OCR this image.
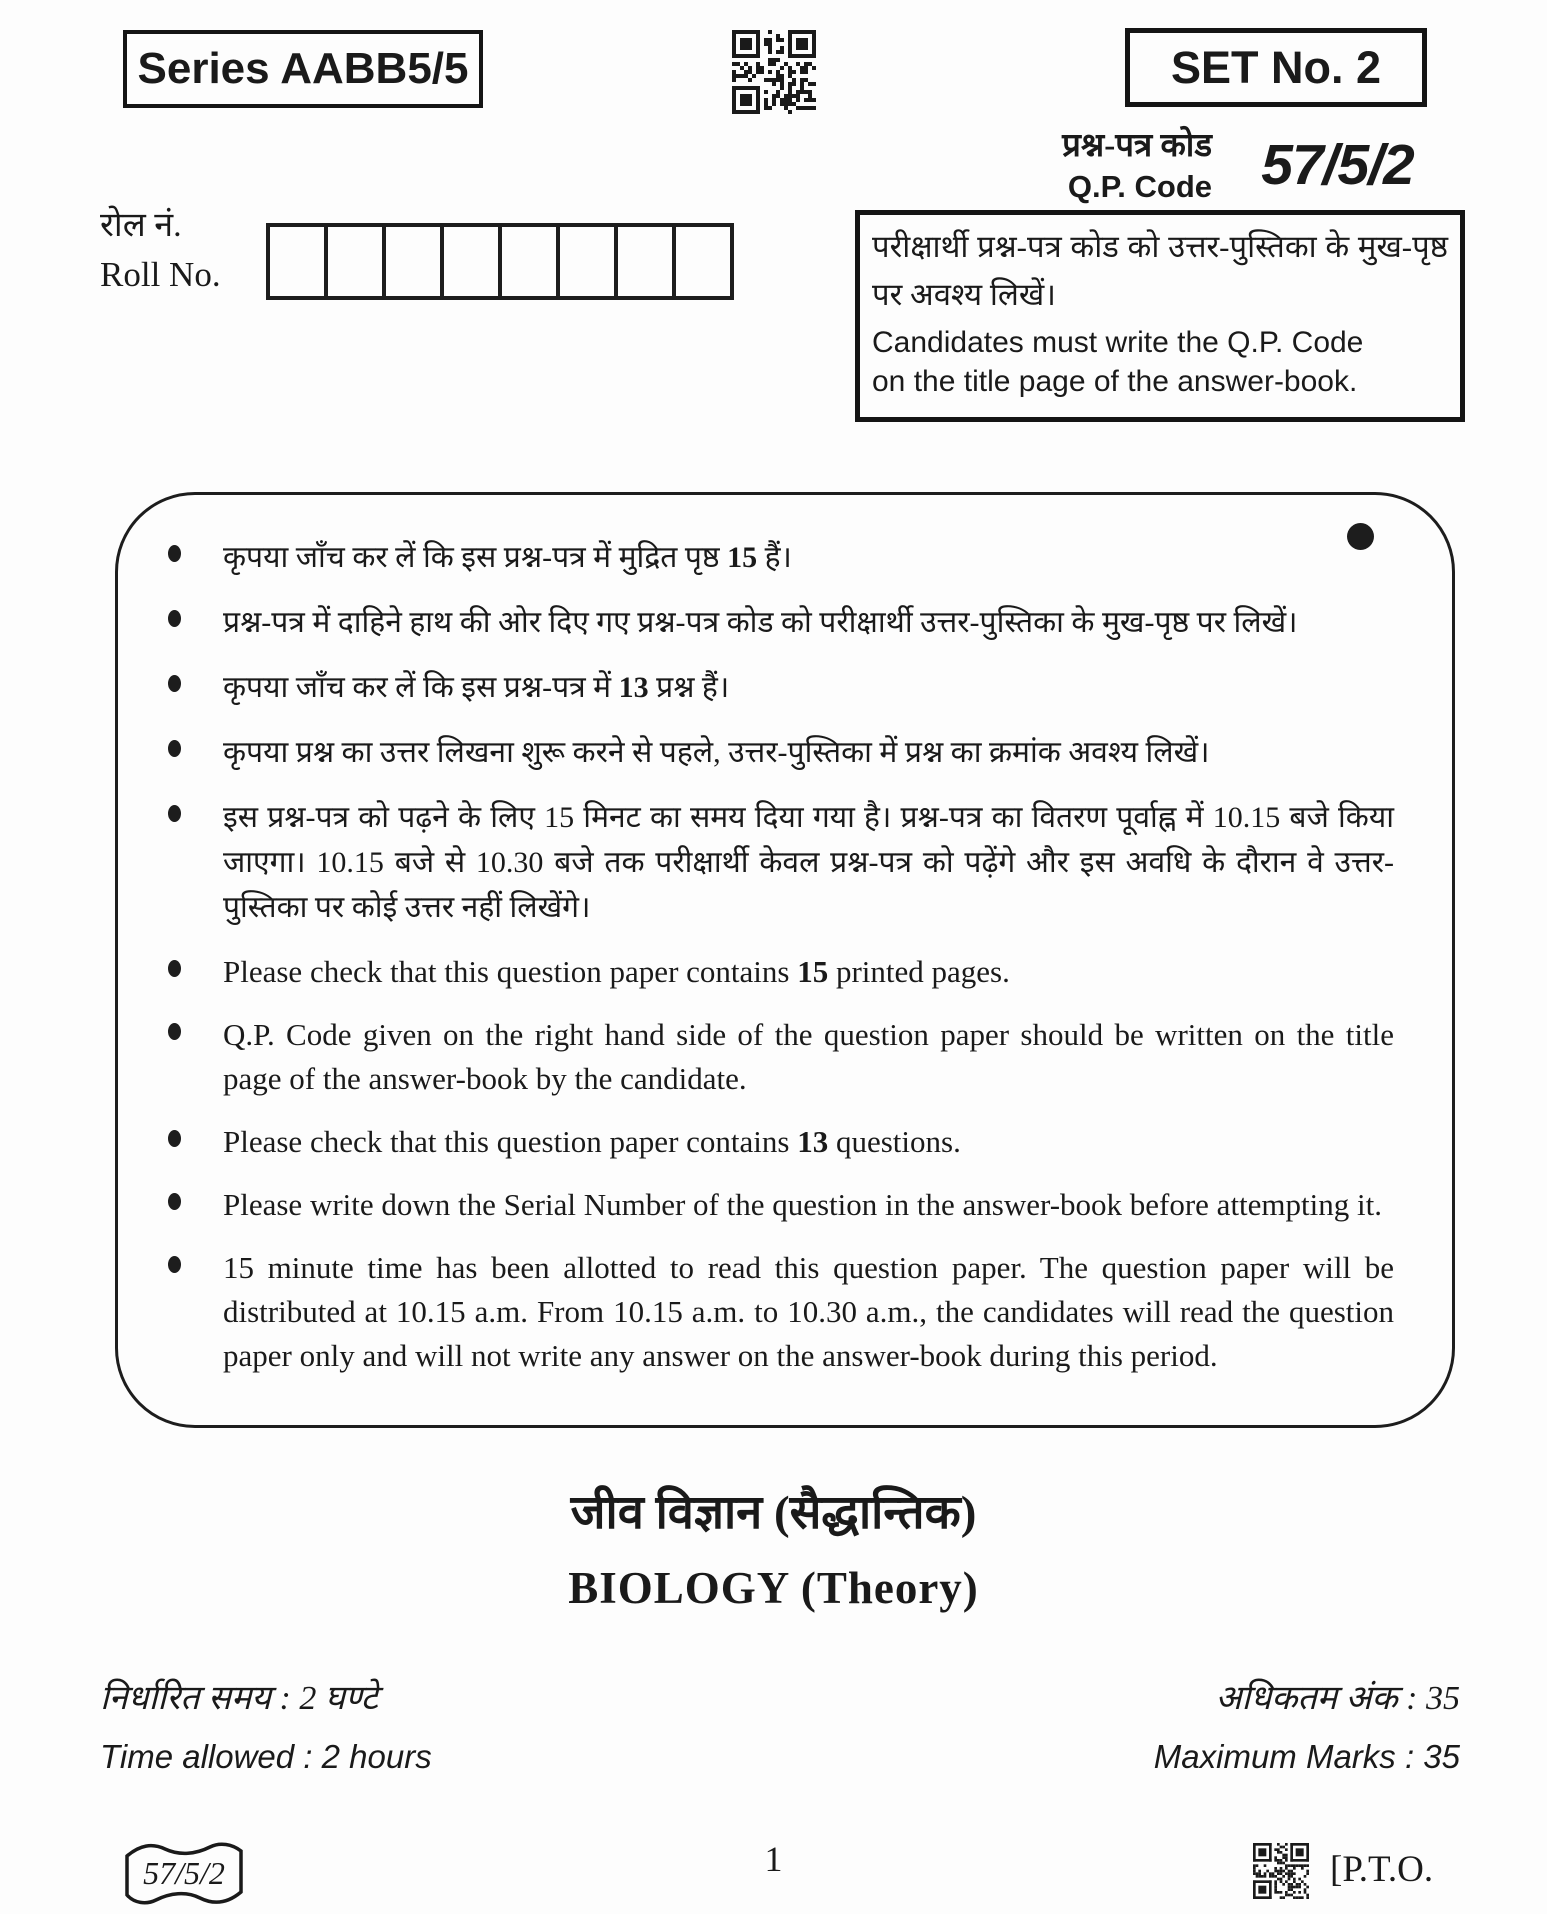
Series AABB5/5	SET No. 2
प्रश्न-पत्र कोड
Q.P. Code 57/5/2
रोल नं.
Roll No.
परीक्षार्थी प्रश्न-पत्र कोड को उत्तर-पुस्तिका के मुख-पृष्ठ पर अवश्य लिखें।
Candidates must write the Q.P. Code
on the title page of the answer-book.
कृपया जाँच कर लें कि इस प्रश्न-पत्र में मुद्रित पृष्ठ 15 हैं।
प्रश्न-पत्र में दाहिने हाथ की ओर दिए गए प्रश्न-पत्र कोड को परीक्षार्थी उत्तर-पुस्तिका के मुख-पृष्ठ पर लिखें।
कृपया जाँच कर लें कि इस प्रश्न-पत्र में 13 प्रश्न हैं।
कृपया प्रश्न का उत्तर लिखना शुरू करने से पहले, उत्तर-पुस्तिका में प्रश्न का क्रमांक अवश्य लिखें।
इस प्रश्न-पत्र को पढ़ने के लिए 15 मिनट का समय दिया गया है। प्रश्न-पत्र का वितरण पूर्वाह्न में 10.15 बजे किया जाएगा। 10.15 बजे से 10.30 बजे तक परीक्षार्थी केवल प्रश्न-पत्र को पढ़ेंगे और इस अवधि के दौरान वे उत्तर-पुस्तिका पर कोई उत्तर नहीं लिखेंगे।
Please check that this question paper contains 15 printed pages.
Q.P. Code given on the right hand side of the question paper should be written on the title page of the answer-book by the candidate.
Please check that this question paper contains 13 questions.
Please write down the Serial Number of the question in the answer-book before attempting it.
15 minute time has been allotted to read this question paper. The question paper will be distributed at 10.15 a.m. From 10.15 a.m. to 10.30 a.m., the candidates will read the question paper only and will not write any answer on the answer-book during this period.
जीव विज्ञान (सैद्धान्तिक)
BIOLOGY (Theory)
निर्धारित समय : 2 घण्टे
Time allowed : 2 hours
अधिकतम अंक : 35
Maximum Marks : 35
57/5/2	1	[P.T.O.
